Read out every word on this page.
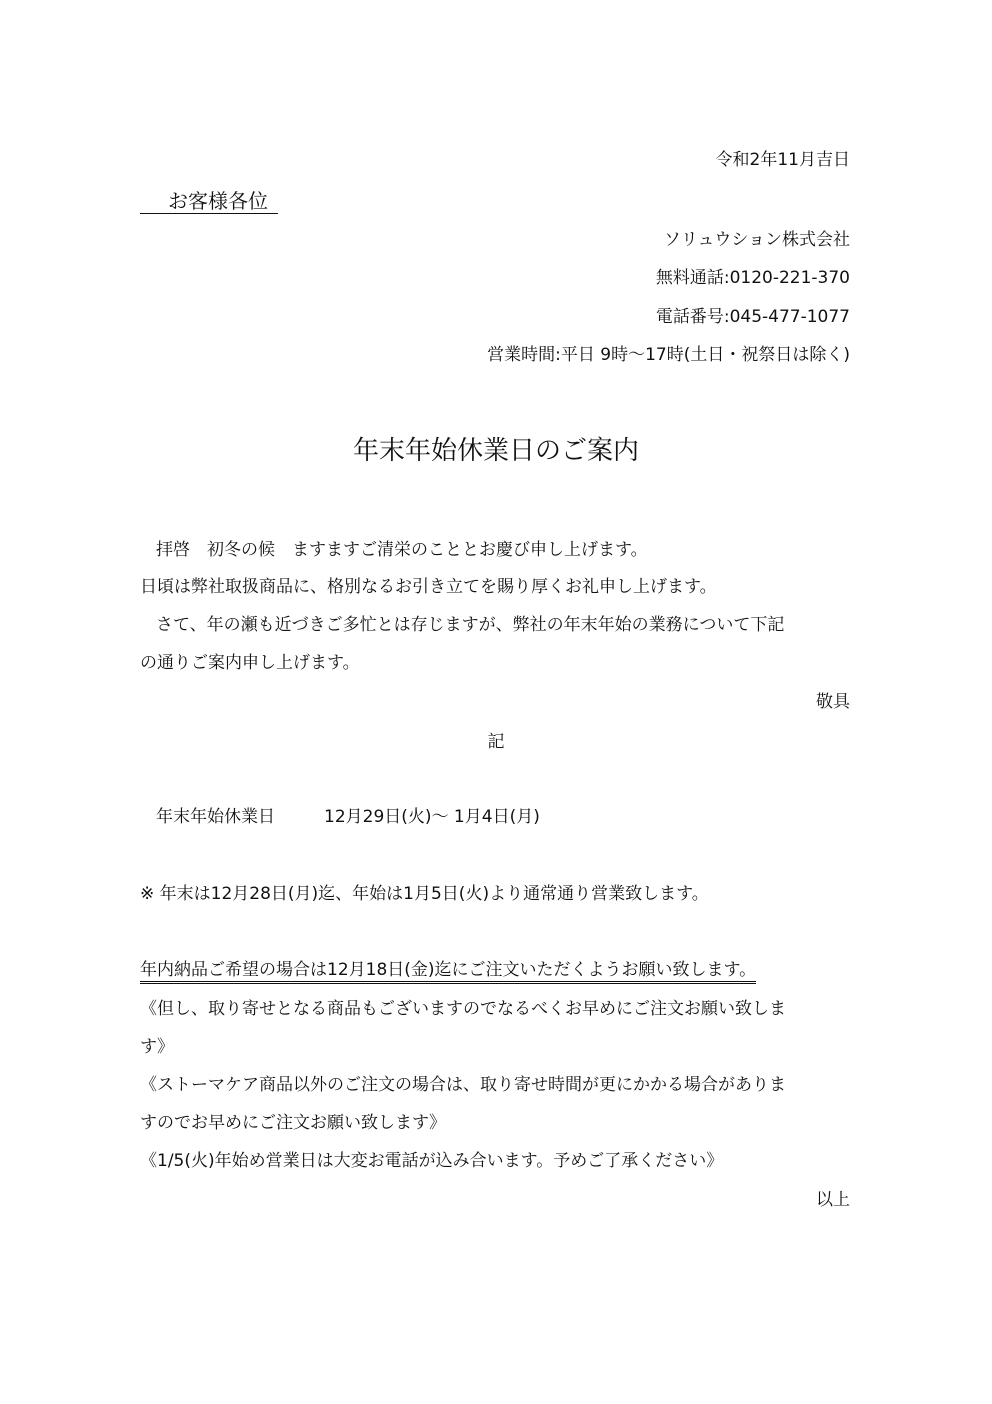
令和2年11月吉日
お客様各位
ソリュウション株式会社
無料通話:0120-221-370
電話番号:045-477-1077
営業時間:平日 9時～17時(土日・祝祭日は除く)
年末年始休業日のご案内
拝啓　初冬の候　ますますご清栄のこととお慶び申し上げます。
日頃は弊社取扱商品に、格別なるお引き立てを賜り厚くお礼申し上げます。
さて、年の瀬も近づきご多忙とは存じますが、弊社の年末年始の業務について下記
の通りご案内申し上げます。
敬具
記
年末年始休業日	12月29日(火)～ 1月4日(月)
※ 年末は12月28日(月)迄、年始は1月5日(火)より通常通り営業致します。
年内納品ご希望の場合は12月18日(金)迄にご注文いただくようお願い致します。
《但し、取り寄せとなる商品もございますのでなるべくお早めにご注文お願い致しま
す》
《ストーマケア商品以外のご注文の場合は、取り寄せ時間が更にかかる場合がありま
すのでお早めにご注文お願い致します》
《1/5(火)年始め営業日は大変お電話が込み合います。予めご了承ください》
以上
